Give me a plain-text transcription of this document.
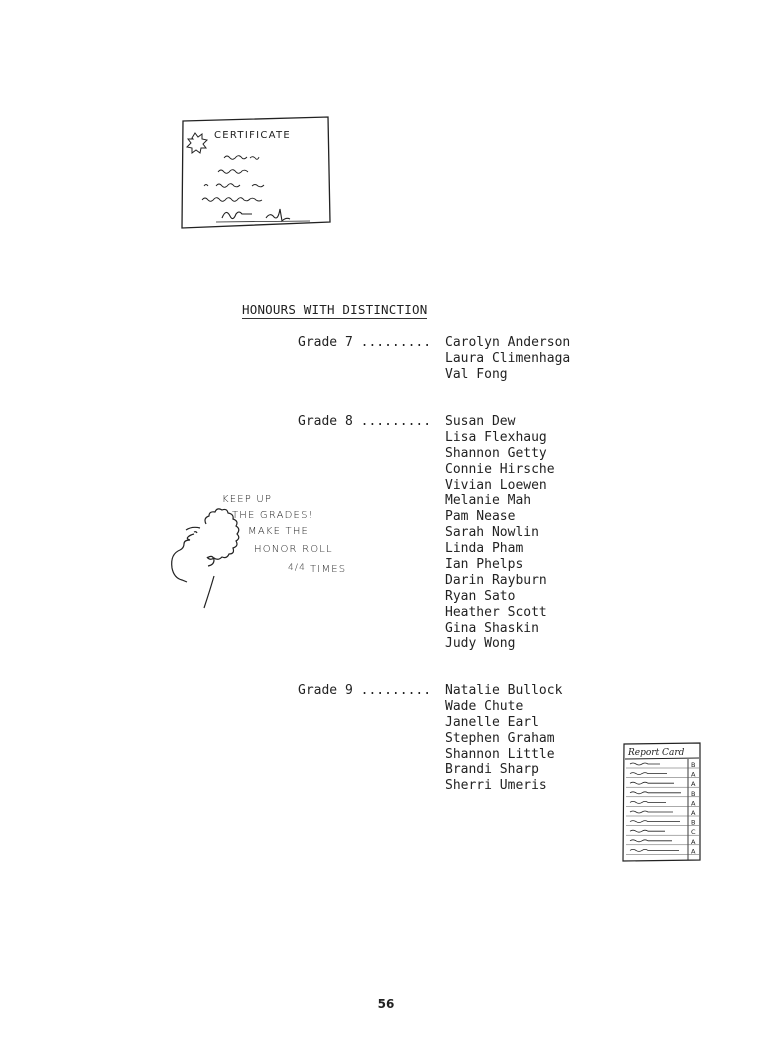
CERTIFICATE
HONOURS WITH DISTINCTION
Grade 7 ......... Carolyn Anderson
Laura Climenhaga
Val Fong
Grade 8 ......... Susan Dew
Lisa Flexhaug
Shannon Getty
Connie Hirsche
Vivian Loewen
Melanie Mah
Pam Nease
Sarah Nowlin
Linda Pham
Ian Phelps
Darin Rayburn
Ryan Sato
Heather Scott
Gina Shaskin
Judy Wong
Grade 9 ......... Natalie Bullock
Wade Chute
Janelle Earl
Stephen Graham
Shannon Little
Brandi Sharp
Sherri Umeris
KEEP UP
THE GRADES!
MAKE THE
HONOR ROLL
4/4 TIMES
Report Card
B
A
A
B
A
A
B
C
A
A
56
